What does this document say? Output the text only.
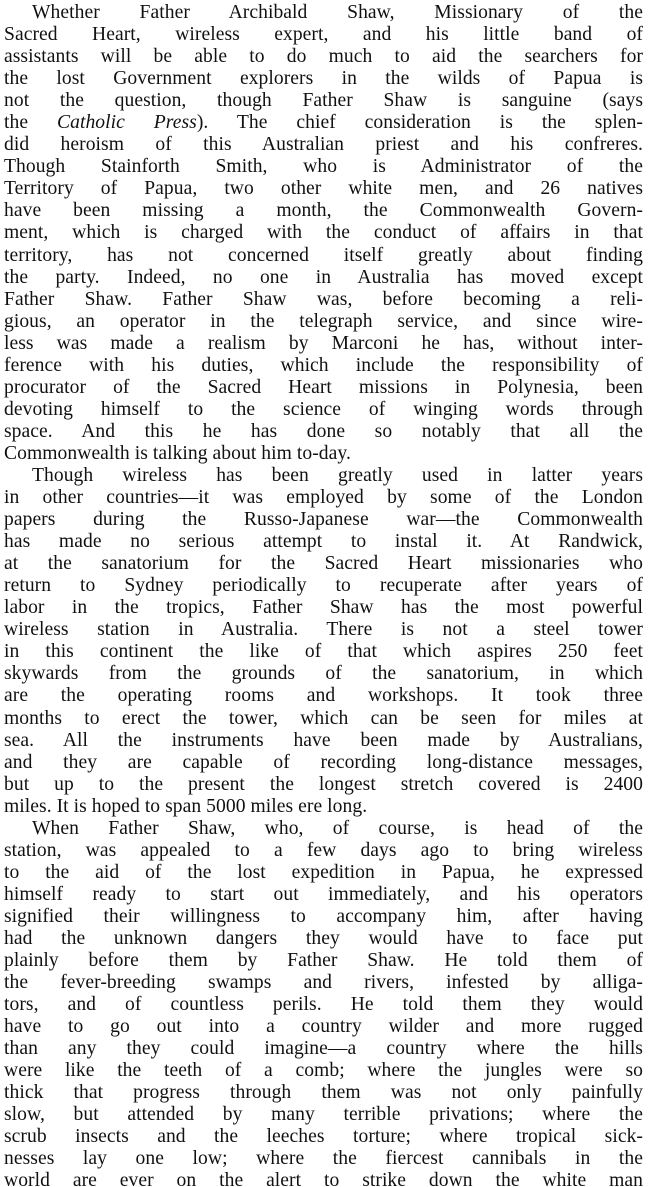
Whether Father Archibald Shaw, Missionary of the
Sacred Heart, wireless expert, and his little band of
assistants will be able to do much to aid the searchers for
the lost Government explorers in the wilds of Papua is
not the question, though Father Shaw is sanguine (says
the Catholic Press). The chief consideration is the splen-
did heroism of this Australian priest and his confreres.
Though Stainforth Smith, who is Administrator of the
Territory of Papua, two other white men, and 26 natives
have been missing a month, the Commonwealth Govern-
ment, which is charged with the conduct of affairs in that
territory, has not concerned itself greatly about finding
the party. Indeed, no one in Australia has moved except
Father Shaw. Father Shaw was, before becoming a reli-
gious, an operator in the telegraph service, and since wire-
less was made a realism by Marconi he has, without inter-
ference with his duties, which include the responsibility of
procurator of the Sacred Heart missions in Polynesia, been
devoting himself to the science of winging words through
space. And this he has done so notably that all the
Commonwealth is talking about him to-day.
Though wireless has been greatly used in latter years
in other countries—it was employed by some of the London
papers during the Russo-Japanese war—the Commonwealth
has made no serious attempt to instal it. At Randwick,
at the sanatorium for the Sacred Heart missionaries who
return to Sydney periodically to recuperate after years of
labor in the tropics, Father Shaw has the most powerful
wireless station in Australia. There is not a steel tower
in this continent the like of that which aspires 250 feet
skywards from the grounds of the sanatorium, in which
are the operating rooms and workshops. It took three
months to erect the tower, which can be seen for miles at
sea. All the instruments have been made by Australians,
and they are capable of recording long-distance messages,
but up to the present the longest stretch covered is 2400
miles. It is hoped to span 5000 miles ere long.
When Father Shaw, who, of course, is head of the
station, was appealed to a few days ago to bring wireless
to the aid of the lost expedition in Papua, he expressed
himself ready to start out immediately, and his operators
signified their willingness to accompany him, after having
had the unknown dangers they would have to face put
plainly before them by Father Shaw. He told them of
the fever-breeding swamps and rivers, infested by alliga-
tors, and of countless perils. He told them they would
have to go out into a country wilder and more rugged
than any they could imagine—a country where the hills
were like the teeth of a comb; where the jungles were so
thick that progress through them was not only painfully
slow, but attended by many terrible privations; where the
scrub insects and the leeches torture; where tropical sick-
nesses lay one low; where the fiercest cannibals in the
world are ever on the alert to strike down the white man
